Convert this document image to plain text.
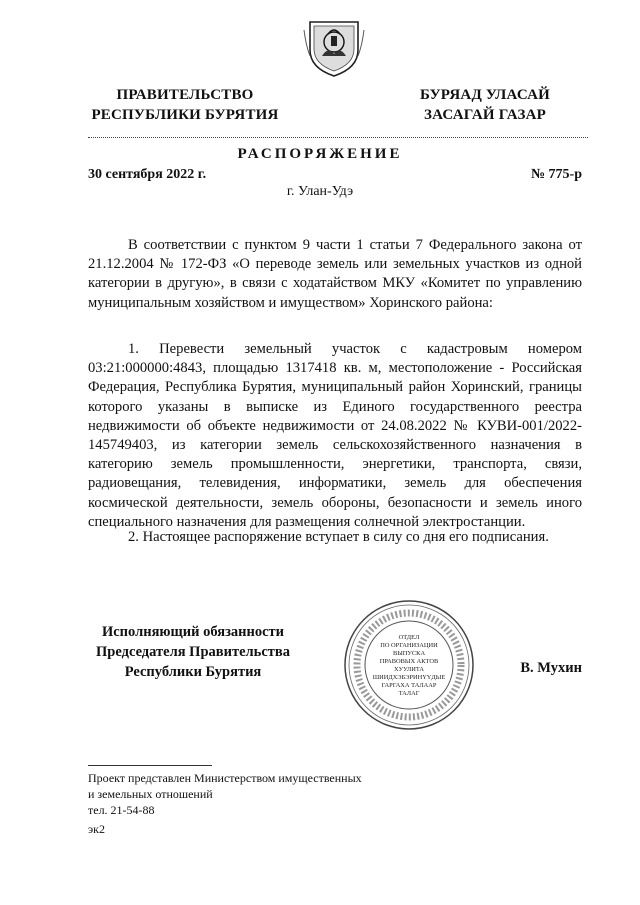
ПРАВИТЕЛЬСТВО
РЕСПУБЛИКИ БУРЯТИЯ
БУРЯАД УЛАСАЙ
ЗАСАГАЙ ГАЗАР
РАСПОРЯЖЕНИЕ
30 сентября 2022 г.	№ 775-р
г. Улан-Удэ

В соответствии с пунктом 9 части 1 статьи 7 Федерального закона от 21.12.2004 № 172-ФЗ «О переводе земель или земельных участков из одной категории в другую», в связи с ходатайством МКУ «Комитет по управлению муниципальным хозяйством и имуществом» Хоринского района:

1. Перевести земельный участок с кадастровым номером 03:21:000000:4843, площадью 1317418 кв. м, местоположение - Российская Федерация, Республика Бурятия, муниципальный район Хоринский, границы которого указаны в выписке из Единого государственного реестра недвижимости об объекте недвижимости от 24.08.2022 № КУВИ-001/2022-145749403, из категории земель сельскохозяйственного назначения в категорию земель промышленности, энергетики, транспорта, связи, радиовещания, телевидения, информатики, земель для обеспечения космической деятельности, земель обороны, безопасности и земель иного специального назначения для размещения солнечной электростанции.

2. Настоящее распоряжение вступает в силу со дня его подписания.

Исполняющий обязанности
Председателя Правительства
Республики Бурятия
ОТДЕЛ
ПО ОРГАНИЗАЦИИ
ВЫПУСКА
ПРАВОВЫХ АКТОВ
ХУУЛИТА
ШИИДХЭБЭРИНҮҮДЫЕ
ГАРГАХА ТАЛААР
ТАЛАГ
В. Мухин
Проект представлен Министерством имущественных
и земельных отношений
тел. 21-54-88
эк2
